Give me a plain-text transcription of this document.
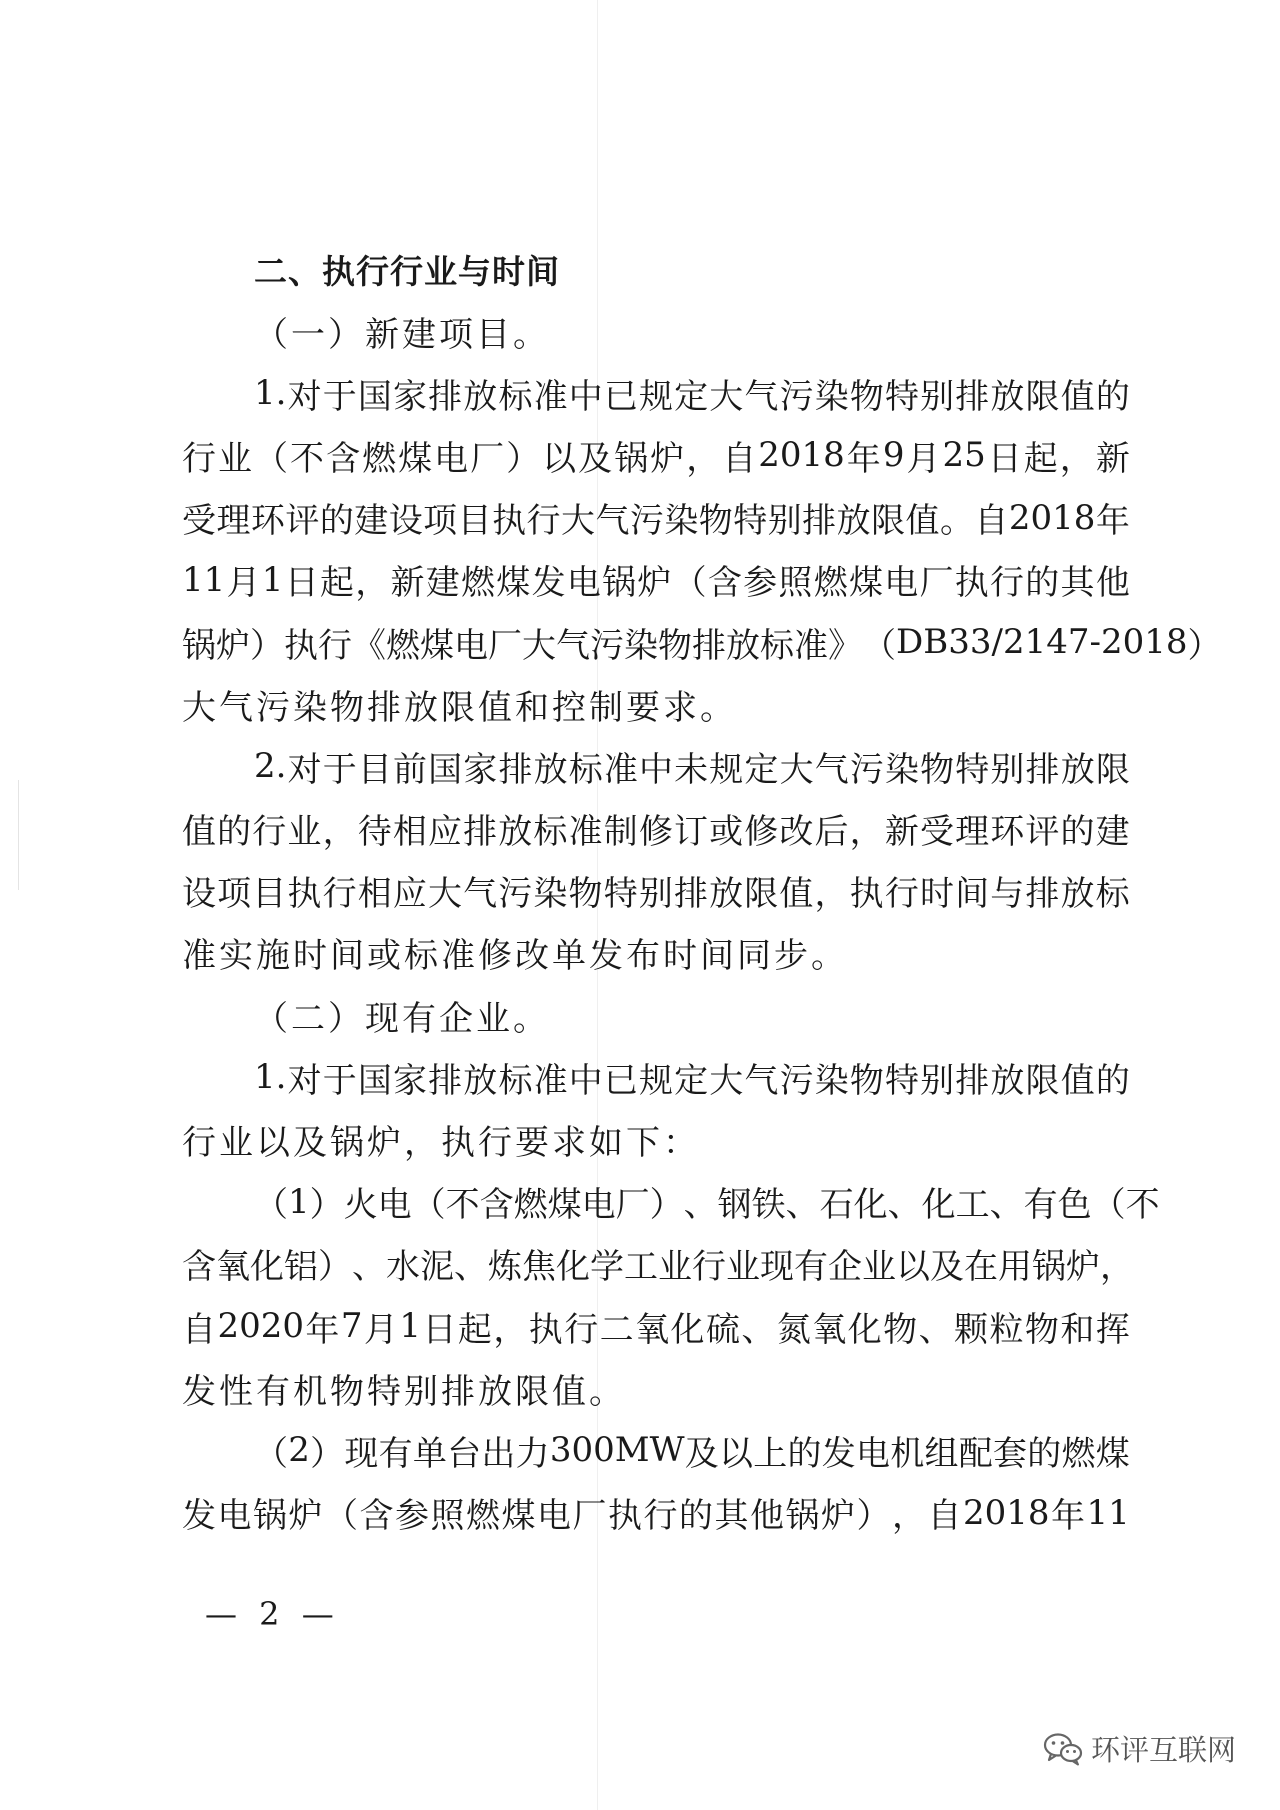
二、执行行业与时间
（一）新建项目。
1. 对 于 国 家 排 放 标 准 中 已 规 定 大 气 污 染 物 特 别 排 放 限 值 的
行 业 （ 不 含 燃 煤 电 厂 ） 以 及 锅 炉 ， 自 2018 年 9 月 25 日 起 ， 新
受 理 环 评 的 建 设 项 目 执 行 大 气 污 染 物 特 别 排 放 限 值 。 自 2018 年
11 月 1 日 起 ， 新 建 燃 煤 发 电 锅 炉 （ 含 参 照 燃 煤 电 厂 执 行 的 其 他
锅 炉 ） 执 行 《 燃 煤 电 厂 大 气 污 染 物 排 放 标 准 》 （ DB33/ 2147-2018 ）
大气污染物排放限值和控制要求。
2. 对 于 目 前 国 家 排 放 标 准 中 未 规 定 大 气 污 染 物 特 别 排 放 限
值 的 行 业 ， 待 相 应 排 放 标 准 制 修 订 或 修 改 后 ， 新 受 理 环 评 的 建
设 项 目 执 行 相 应 大 气 污 染 物 特 别 排 放 限 值 ， 执 行 时 间 与 排 放 标
准实施时间或标准修改单发布时间同步。
（二）现有企业。
1. 对 于 国 家 排 放 标 准 中 已 规 定 大 气 污 染 物 特 别 排 放 限 值 的
行业以及锅炉，执行要求如下：
（ 1 ） 火 电 （ 不 含 燃 煤 电 厂 ） 、 钢 铁 、 石 化 、 化 工 、 有 色 （ 不
含 氧 化 铝 ） 、 水 泥 、 炼 焦 化 学 工 业 行 业 现 有 企 业 以 及 在 用 锅 炉 ，
自 2020 年 7 月 1 日 起 ， 执 行 二 氧 化 硫 、 氮 氧 化 物 、 颗 粒 物 和 挥
发性有机物特别排放限值。
（ 2 ） 现 有 单 台 出 力 300MW 及 以 上 的 发 电 机 组 配 套 的 燃 煤
发 电 锅 炉 （ 含 参 照 燃 煤 电 厂 执 行 的 其 他 锅 炉 ） ， 自 2018 年 11
— 2 —
环评互联网
